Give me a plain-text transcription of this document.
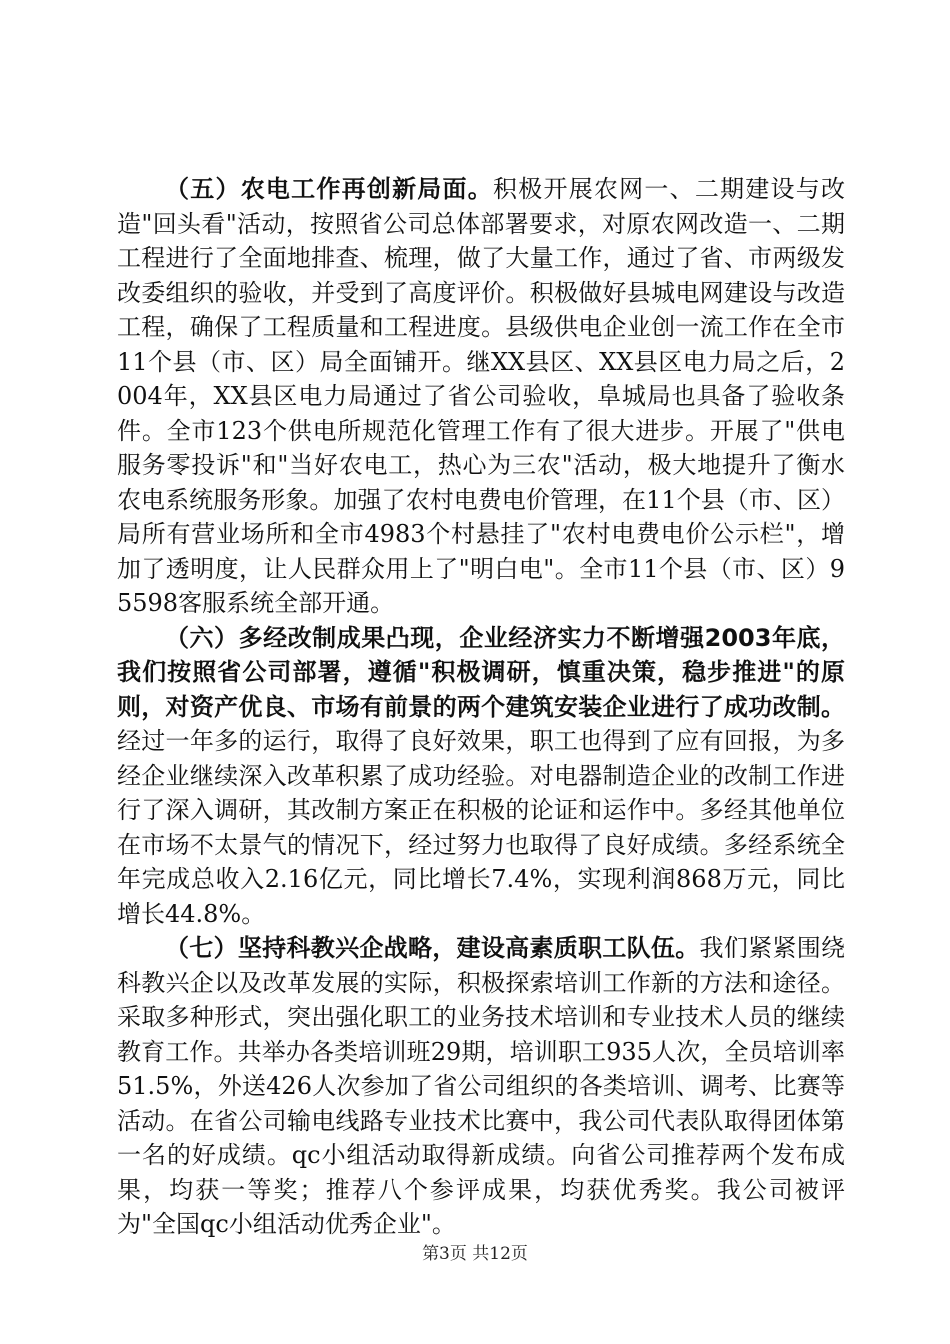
（五）农电工作再创新局面。积极开展农网一、二期建设与改造"回头看"活动，按照省公司总体部署要求，对原农网改造一、二期工程进行了全面地排查、梳理，做了大量工作，通过了省、市两级发改委组织的验收，并受到了高度评价。积极做好县城电网建设与改造工程，确保了工程质量和工程进度。县级供电企业创一流工作在全市11个县（市、区）局全面铺开。继XX县区、XX县区电力局之后，2004年，XX县区电力局通过了省公司验收，阜城局也具备了验收条件。全市123个供电所规范化管理工作有了很大进步。开展了"供电服务零投诉"和"当好农电工，热心为三农"活动，极大地提升了衡水农电系统服务形象。加强了农村电费电价管理，在11个县（市、区）局所有营业场所和全市4983个村悬挂了"农村电费电价公示栏"，增加了透明度，让人民群众用上了"明白电"。全市11个县（市、区）95598客服系统全部开通。

（六）多经改制成果凸现，企业经济实力不断增强2003年底，我们按照省公司部署，遵循"积极调研，慎重决策，稳步推进"的原则，对资产优良、市场有前景的两个建筑安装企业进行了成功改制。经过一年多的运行，取得了良好效果，职工也得到了应有回报，为多经企业继续深入改革积累了成功经验。对电器制造企业的改制工作进行了深入调研，其改制方案正在积极的论证和运作中。多经其他单位在市场不太景气的情况下，经过努力也取得了良好成绩。多经系统全年完成总收入2.16亿元，同比增长7.4%，实现利润868万元，同比增长44.8%。

（七）坚持科教兴企战略，建设高素质职工队伍。我们紧紧围绕科教兴企以及改革发展的实际，积极探索培训工作新的方法和途径。采取多种形式，突出强化职工的业务技术培训和专业技术人员的继续教育工作。共举办各类培训班29期，培训职工935人次，全员培训率51.5%，外送426人次参加了省公司组织的各类培训、调考、比赛等活动。在省公司输电线路专业技术比赛中，我公司代表队取得团体第一名的好成绩。qc小组活动取得新成绩。向省公司推荐两个发布成果，均获一等奖；推荐八个参评成果，均获优秀奖。我公司被评为"全国qc小组活动优秀企业"。

第3页 共12页
